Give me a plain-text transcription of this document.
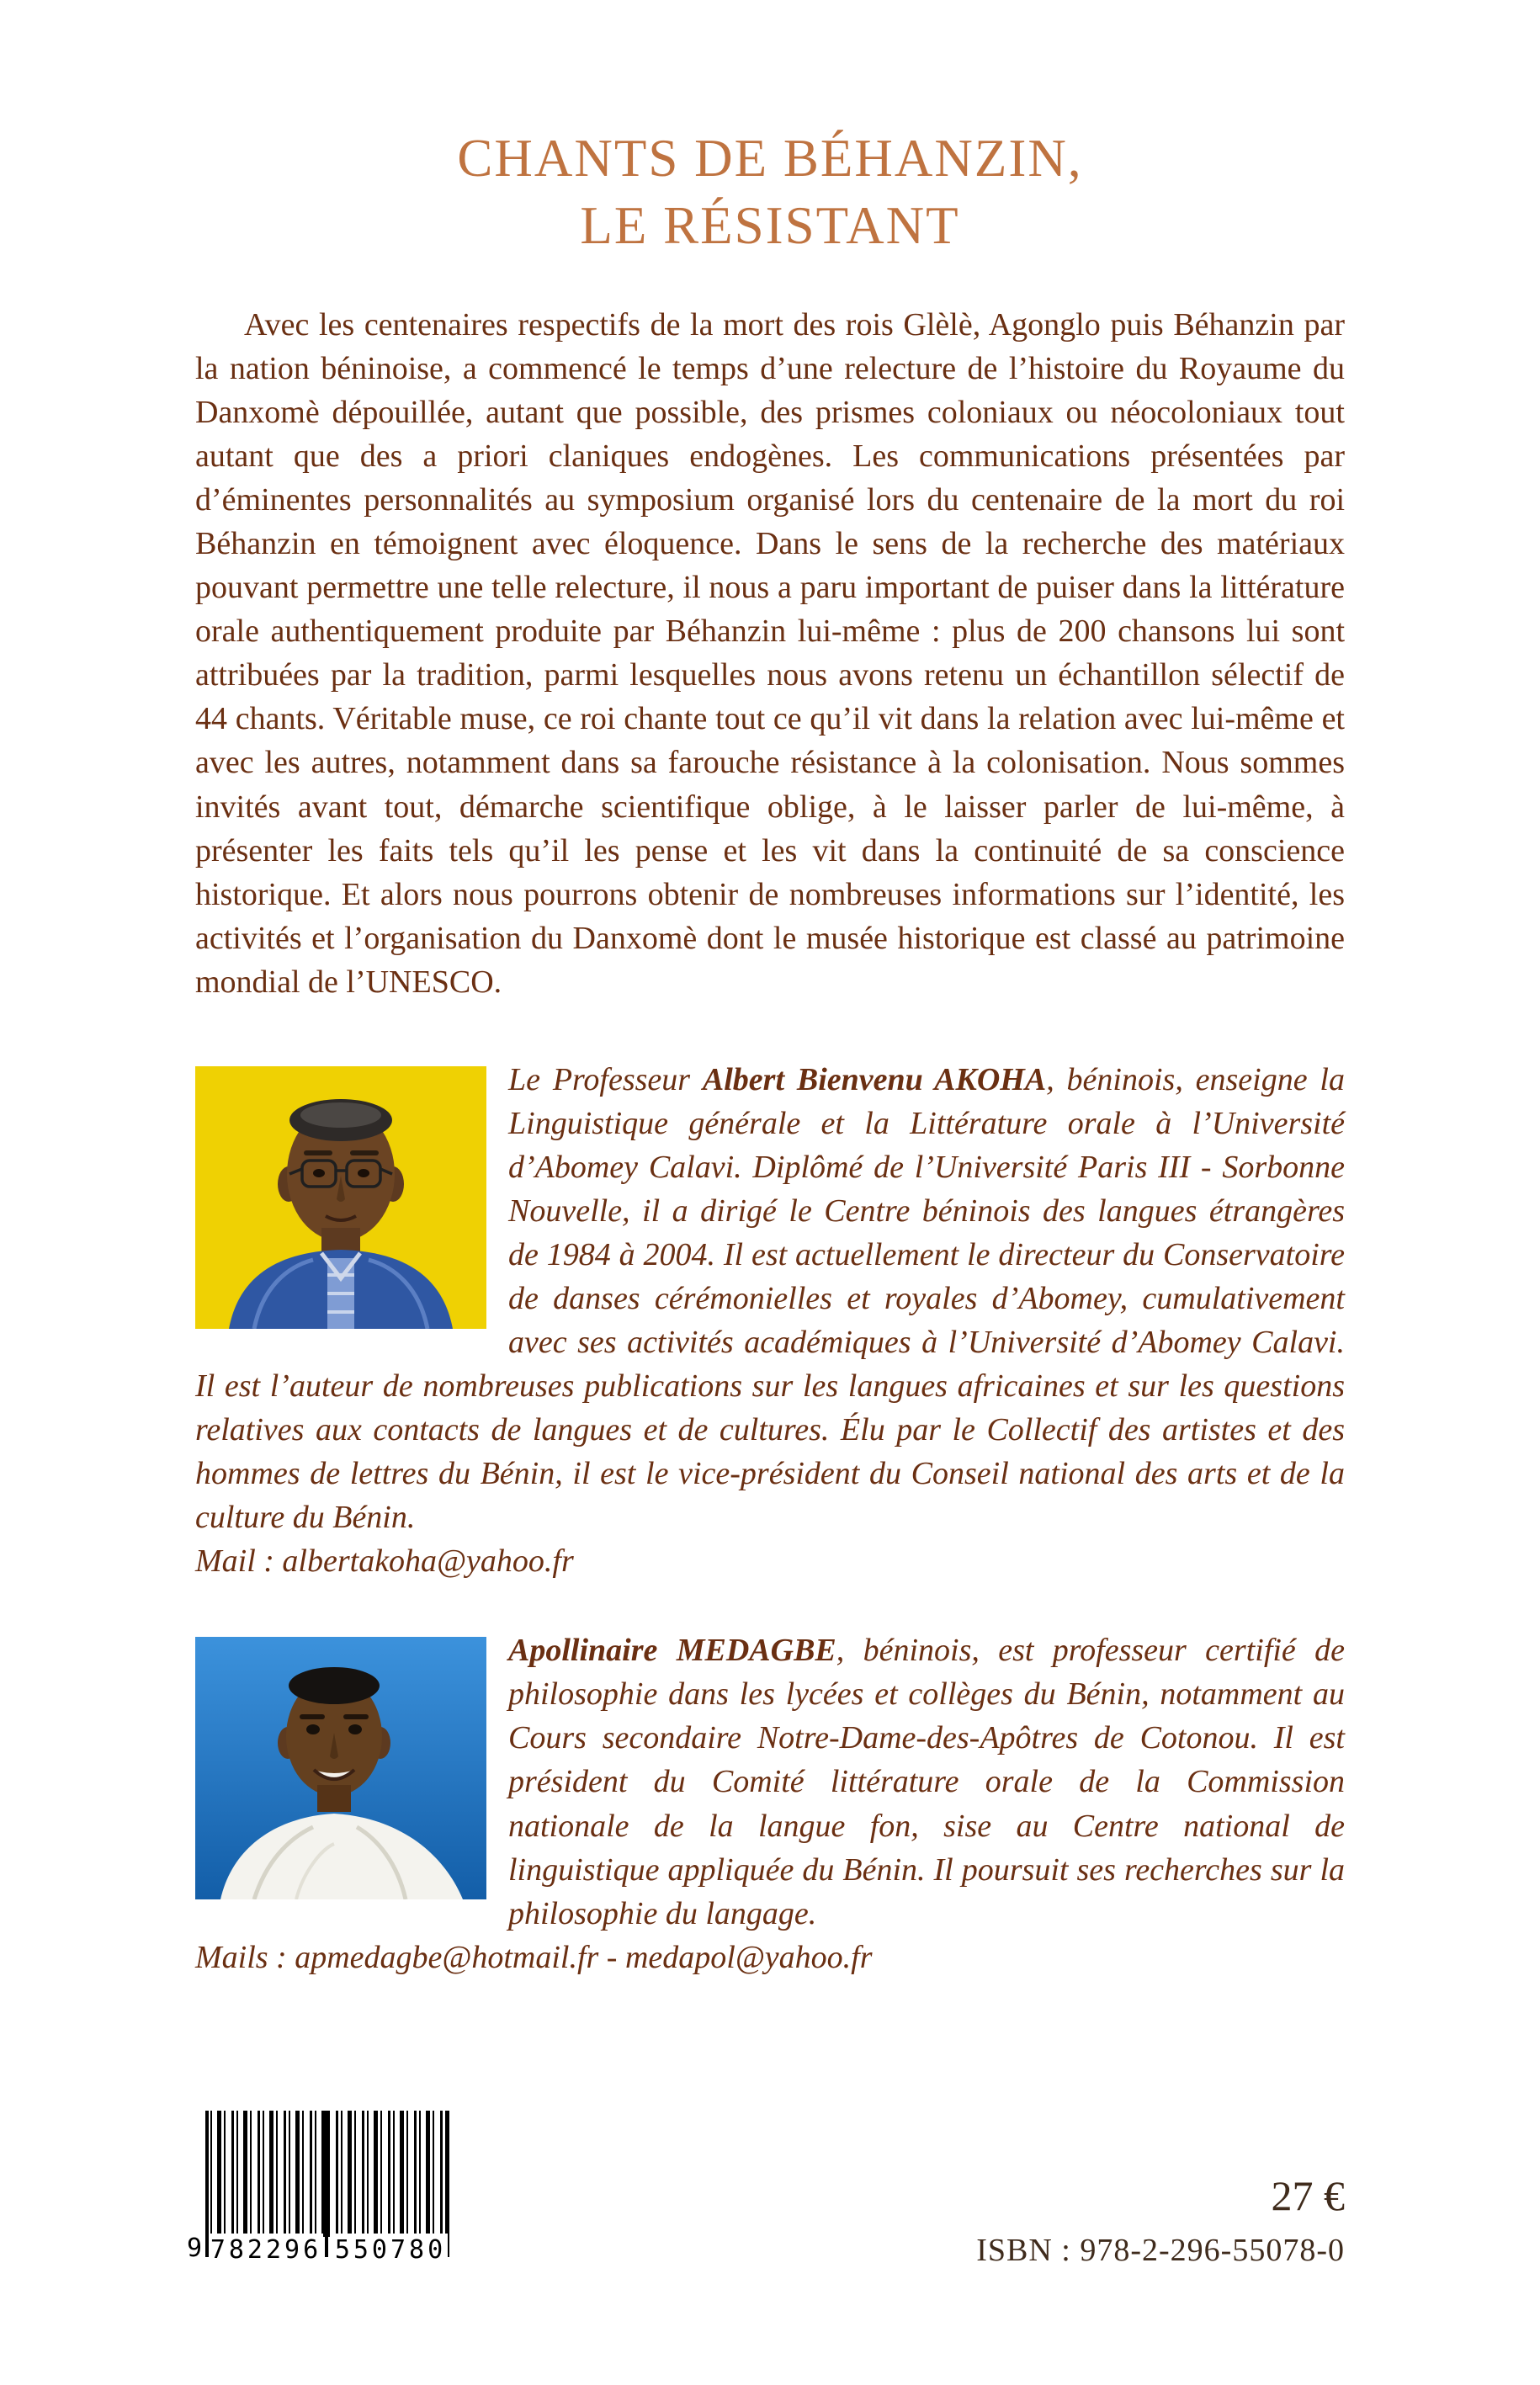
CHANTS DE BÉHANZIN,
LE RÉSISTANT

Avec les centenaires respectifs de la mort des rois Glèlè, Agonglo puis Béhanzin par la nation béninoise, a commencé le temps d’une relecture de l’histoire du Royaume du Danxomè dépouillée, autant que possible, des prismes coloniaux ou néocoloniaux tout autant que des a priori claniques endogènes. Les communications présentées par d’éminentes personnalités au symposium organisé lors du centenaire de la mort du roi Béhanzin en témoignent avec éloquence. Dans le sens de la recherche des matériaux pouvant permettre une telle relecture, il nous a paru important de puiser dans la littérature orale authentiquement produite par Béhanzin lui-même : plus de 200 chansons lui sont attribuées par la tradition, parmi lesquelles nous avons retenu un échantillon sélectif de 44 chants. Véritable muse, ce roi chante tout ce qu’il vit dans la relation avec lui-même et avec les autres, notamment dans sa farouche résistance à la colonisation. Nous sommes invités avant tout, démarche scientifique oblige, à le laisser parler de lui-même, à présenter les faits tels qu’il les pense et les vit dans la continuité de sa conscience historique. Et alors nous pourrons obtenir de nombreuses informations sur l’identité, les activités et l’organisation du Danxomè dont le musée historique est classé au patrimoine mondial de l’UNESCO.

Le Professeur Albert Bienvenu AKOHA, béninois, enseigne la Linguistique générale et la Littérature orale à l’Université d’Abomey Calavi. Diplômé de l’Université Paris III - Sorbonne Nouvelle, il a dirigé le Centre béninois des langues étrangères de 1984 à 2004. Il est actuellement le directeur du Conservatoire de danses cérémonielles et royales d’Abomey, cumulativement avec ses activités académiques à l’Université d’Abomey Calavi. Il est l’auteur de nombreuses publications sur les langues africaines et sur les questions relatives aux contacts de langues et de cultures. Élu par le Collectif des artistes et des hommes de lettres du Bénin, il est le vice-président du Conseil national des arts et de la culture du Bénin.
Mail : albertakoha@yahoo.fr
Apollinaire MEDAGBE, béninois, est professeur certifié de philosophie dans les lycées et collèges du Bénin, notamment au Cours secondaire Notre-Dame-des-Apôtres de Cotonou. Il est président du Comité littérature orale de la Commission nationale de la langue fon, sise au Centre national de linguistique appliquée du Bénin. Il poursuit ses recherches sur la philosophie du langage.
Mails : apmedagbe@hotmail.fr - medapol@yahoo.fr
9 782296 550780
27 €
ISBN : 978-2-296-55078-0
